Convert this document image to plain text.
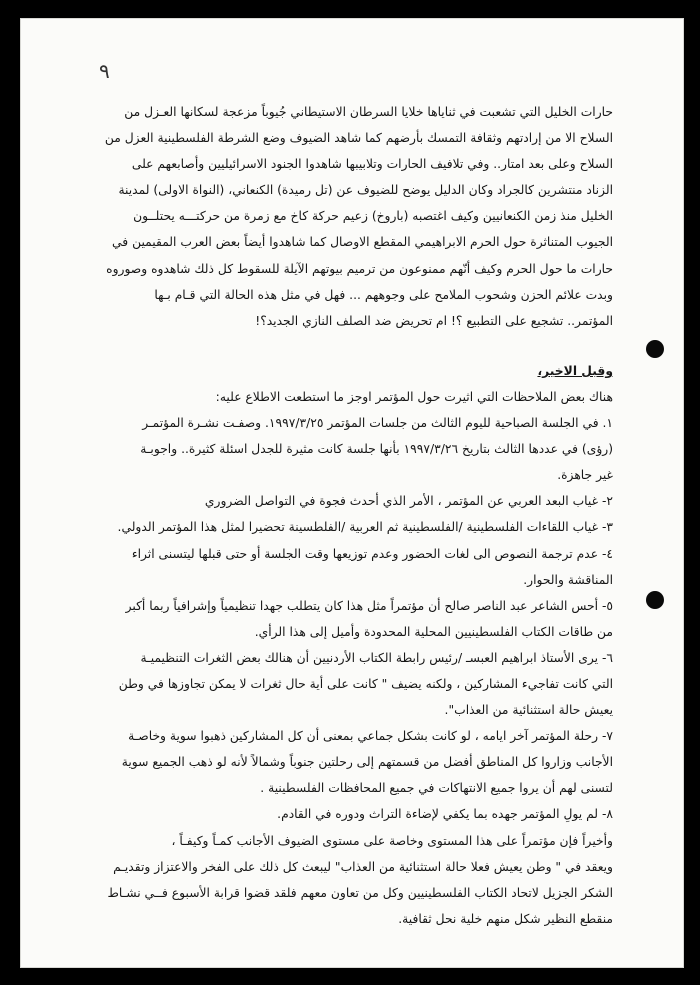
٩

حارات الخليل التي تشعبت في ثناياها خلايا السرطان الاستيطاني جُيوباً مزعجة لسكانها العـزل من

السلاح الا من إرادتهم وثقافة التمسك بأرضهم كما شاهد الضيوف وضع الشرطة الفلسطينية العزل من

السلاح وعلى بعد امتار.. وفي تلافيف الحارات وتلابيبها شاهدوا الجنود الاسرائيليين وأصابعهم على

الزناد منتشرين كالجراد وكان الدليل يوضح للضيوف عن (تل رميدة) الكنعاني، (النواة الاولى) لمدينة

الخليل منذ زمن الكنعانيين وكيف اغتصبه (باروخ) زعيم حركة كاخ مع زمرة من حركتـــه يحتلــون

الجيوب المتناثرة حول الحرم الابراهيمي المقطع الاوصال كما شاهدوا أيضاً بعض العرب المقيمين في

حارات ما حول الحرم وكيف أنّهم ممنوعون من ترميم بيوتهم الآيلة للسقوط كل ذلك شاهدوه وصوروه

وبدت علائم الحزن وشحوب الملامح على وجوههم ... فهل في مثل هذه الحالة التي قـام بـها

المؤتمر.. تشجيع على التطبيع ؟! ام تحريض ضد الصلف النازي الجديد؟!

وقبل الاخير،

هناك بعض الملاحظات التي اثيرت حول المؤتمر اوجز ما استطعت الاطلاع عليه:

١. في الجلسة الصباحية لليوم الثالث من جلسات المؤتمر ١٩٩٧/٣/٢٥. وصفـت نشـرة المؤتمـر

(رؤى) في عددها الثالث بتاريخ ١٩٩٧/٣/٢٦ بأنها جلسة كانت مثيرة للجدل اسئلة كثيرة.. واجوبـة

غير جاهزة.

٢- غياب البعد العربي عن المؤتمر ، الأمر الذي أحدث فجوة في التواصل الضروري

٣- غياب اللقاءات الفلسطينية /الفلسطينية ثم العربية /الفلطسينة تحضيرا لمثل هذا المؤتمر الدولي.

٤- عدم ترجمة النصوص الى لغات الحضور وعدم توزيعها وقت الجلسة أو حتى قبلها ليتسنى اثراء

المناقشة والحوار.

٥- أحس الشاعر عبد الناصر صالح أن مؤتمراً مثل هذا كان يتطلب جهدا تنظيمياً وإشرافياً ربما أكبر

من طاقات الكتاب الفلسطينيين المحلية المحدودة وأميل إلى هذا الرأي.

٦- يرى الأستاذ ابراهيم العبسـ /رئيس رابطة الكتاب الأردنيين أن هنالك بعض الثغرات التنظيميـة

التي كانت تفاجيء المشاركين ، ولكنه يضيف " كانت على أية حال ثغرات لا يمكن تجاوزها في وطن

يعيش حالة استثنائية من العذاب".

٧- رحلة المؤتمر آخر ايامه ، لو كانت بشكل جماعي بمعنى أن كل المشاركين ذهبوا سوية وخاصـة

الأجانب وزاروا كل المناطق أفضل من قسمتهم إلى رحلتين جنوباً وشمالاً لأنه لو ذهب الجميع سوية

لتسنى لهم أن يروا جميع الانتهاكات في جميع المحافظات الفلسطينية .

٨- لم يولِ المؤتمر جهده بما يكفي لإضاءة التراث ودوره في القادم.

وأخيراً فإن مؤتمراً على هذا المستوى وخاصة على مستوى الضيوف الأجانب كمـاً وكيفـاً ،

ويعقد في " وطن يعيش فعلا حالة استثنائية من العذاب" ليبعث كل ذلك على الفخر والاعتزاز وتقديـم

الشكر الجزيل لاتحاد الكتاب الفلسطينيين وكل من تعاون معهم فلقد قضوا قرابة الأسبوع فــي نشـاط

منقطع النظير شكل منهم خلية نحل ثقافية.
